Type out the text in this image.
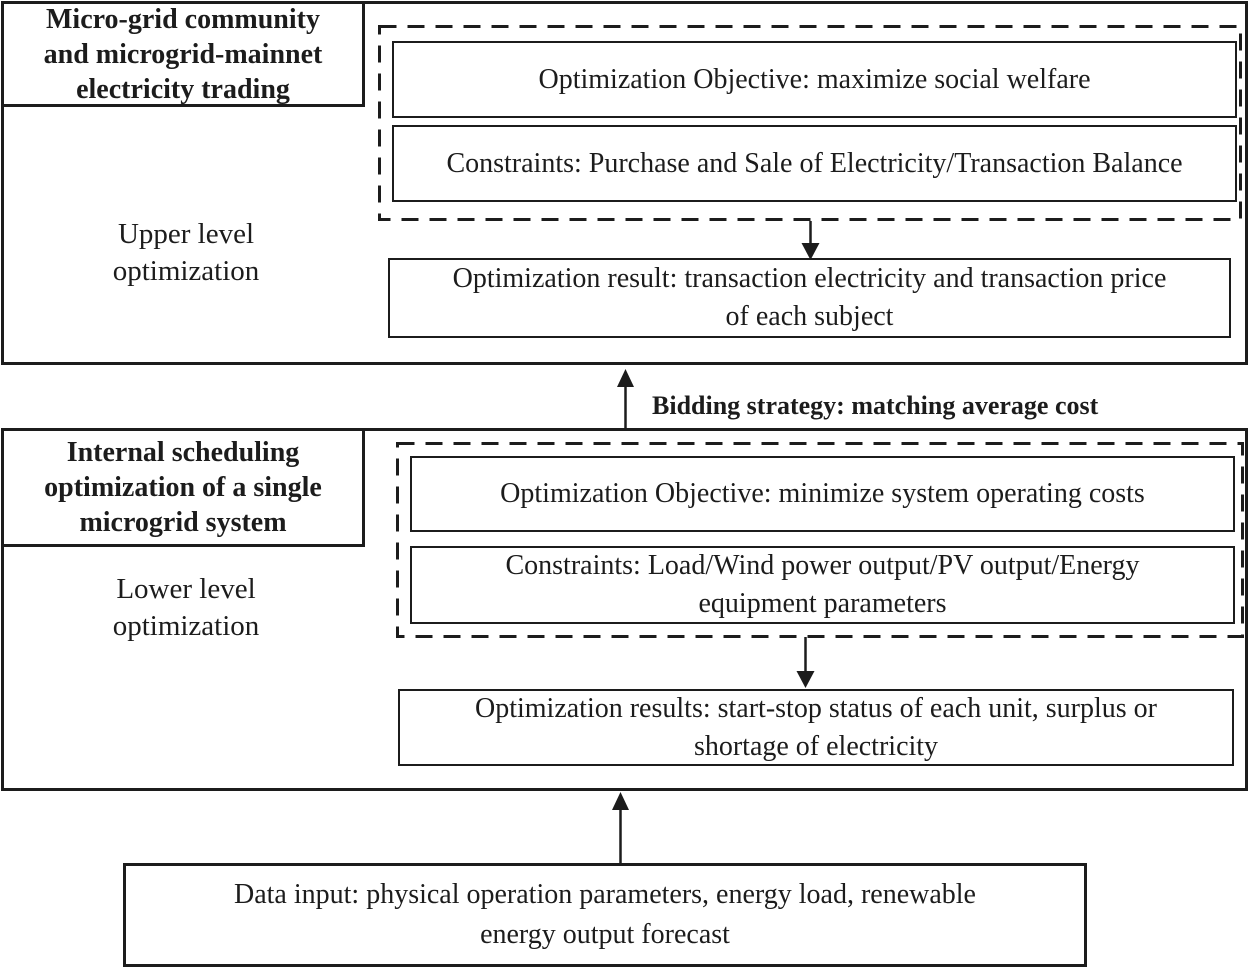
Micro-grid community
and microgrid-mainnet
electricity trading
Upper level
optimization
Optimization Objective: maximize social welfare
Constraints: Purchase and Sale of Electricity/Transaction Balance
Optimization result: transaction electricity and transaction price
of each subject
Bidding strategy: matching average cost
Internal scheduling
optimization of a single
microgrid system
Lower level
optimization
Optimization Objective: minimize system operating costs
Constraints: Load/Wind power output/PV output/Energy
equipment parameters
Optimization results: start-stop status of each unit, surplus or
shortage of electricity
Data input: physical operation parameters, energy load, renewable
energy output forecast
